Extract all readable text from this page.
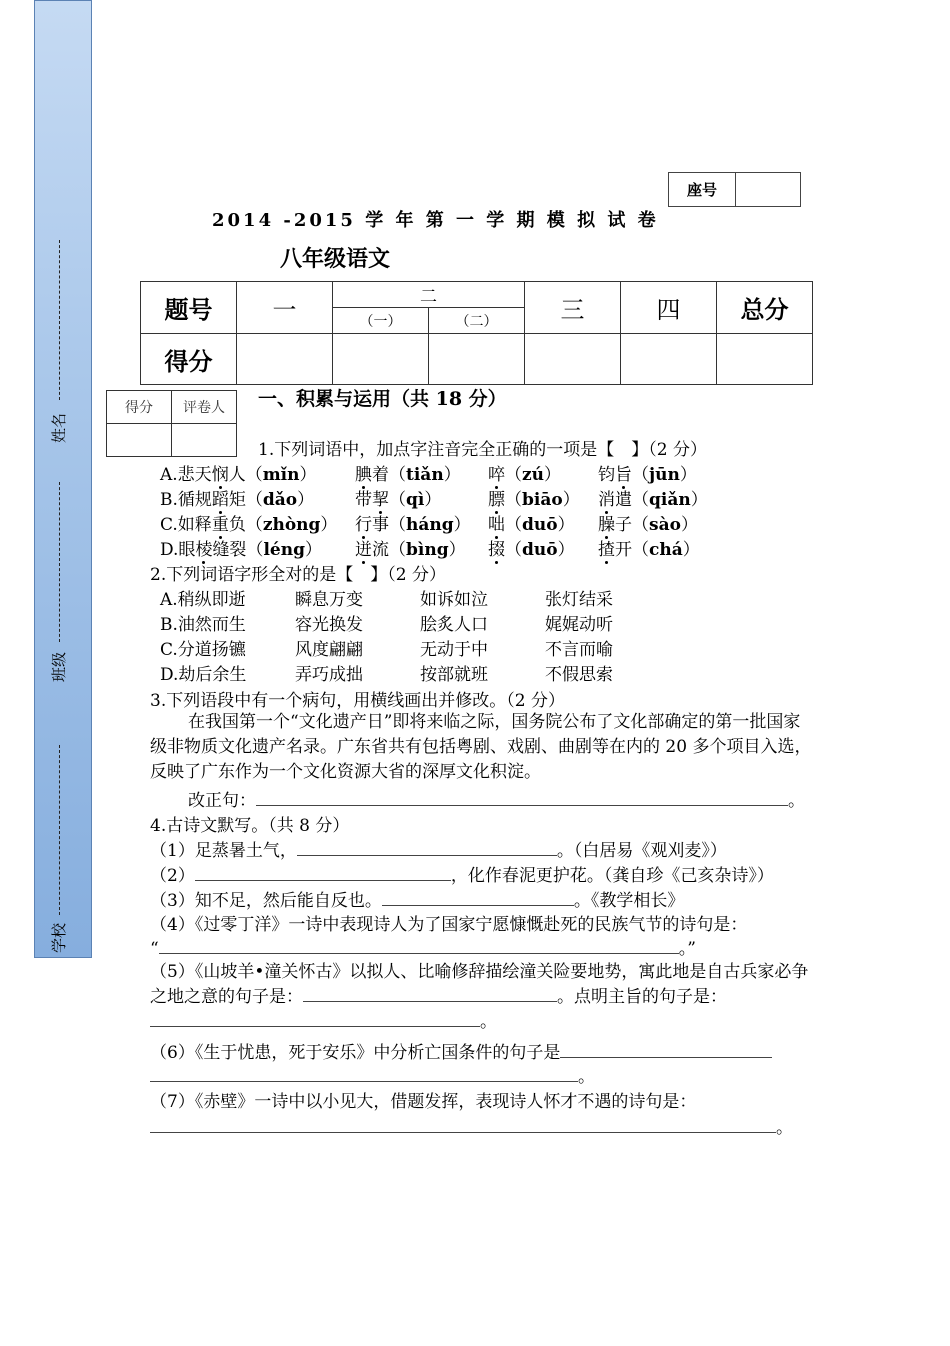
姓名
班级
学校
座号	
2014 -2015 学 年 第 一 学 期 模 拟 试 卷
八年级语文
题号	一	二		三	四	总分
		（一）	（二）			
得分						
得分	评卷人
	一、积累与运用（共 18 分）
1.下列词语中，加点字注音完全正确的一项是【　】（2 分）
A.悲天悯人（mǐn） 腆着（tiǎn） 啐（zú） 钧旨（jūn）
B.循规蹈矩（dǎo） 带挈（qì）	膘（biāo） 消遣（qiǎn）
C.如释重负（zhòng） 行事（háng） 咄（duō） 臊子（sào）
D.眼棱缝裂（léng） 迸流（bìng） 掇（duō） 揸开（chá）
2.下列词语字形全对的是【　】（2 分）
A.稍纵即逝	瞬息万变	如诉如泣	张灯结采
B.油然而生	容光换发	脍炙人口	娓娓动听
C.分道扬镳	风度翩翩	无动于中	不言而喻
D.劫后余生	弄巧成拙	按部就班	不假思索
3.下列语段中有一个病句，用横线画出并修改。（2 分）
在我国第一个“文化遗产日”即将来临之际，国务院公布了文化部确定的第一批国家级非物质文化遗产名录。广东省共有包括粤剧、戏剧、曲剧等在内的 20 多个项目入选，反映了广东作为一个文化资源大省的深厚文化积淀。
改正句：	。
4.古诗文默写。（共 8 分）
（1）足蒸暑土气，	。（白居易《观刈麦》）
（2）	，化作春泥更护花。（龚自珍《己亥杂诗》）
（3）知不足，然后能自反也。	。《教学相长》
（4）《过零丁洋》一诗中表现诗人为了国家宁愿慷慨赴死的民族气节的诗句是：
“	。”
（5）《山坡羊•潼关怀古》以拟人、比喻修辞描绘潼关险要地势，寓此地是自古兵家必争之地之意的句子是：	。点明主旨的句子是：
。
（6）《生于忧患，死于安乐》中分析亡国条件的句子是
。
（7）《赤壁》一诗中以小见大，借题发挥，表现诗人怀才不遇的诗句是：
。
